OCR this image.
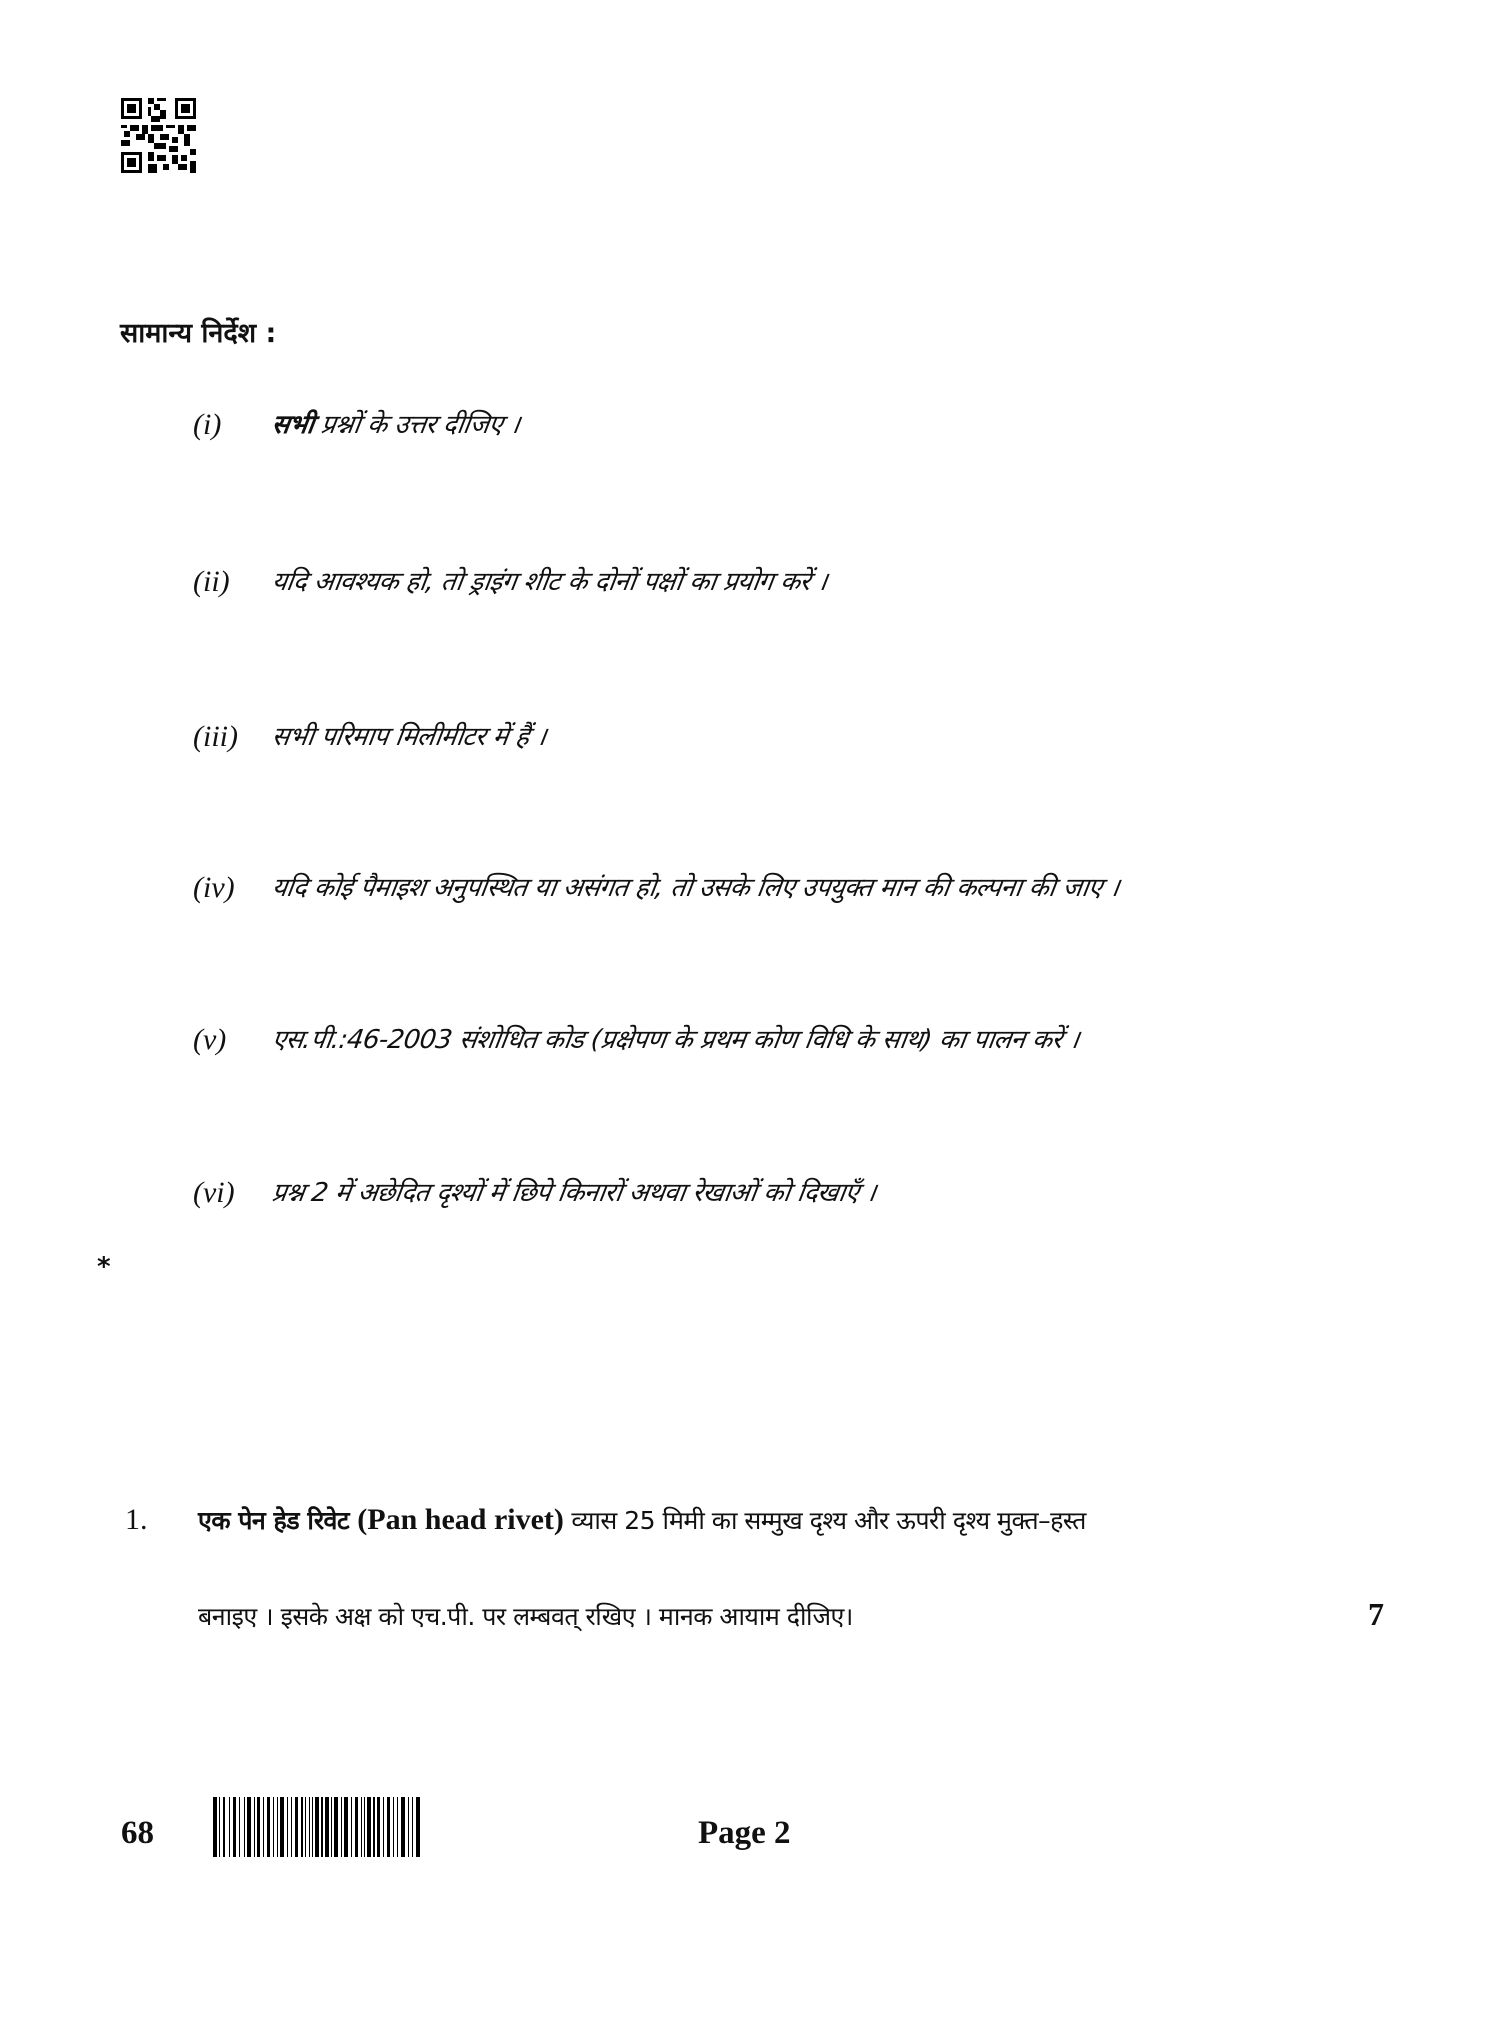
सामान्य निर्देश :
(i) सभी प्रश्नों के उत्तर दीजिए ।
(ii) यदि आवश्यक हो, तो ड्राइंग शीट के दोनों पक्षों का प्रयोग करें ।
(iii) सभी परिमाप मिलीमीटर में हैं ।
(iv) यदि कोई पैमाइश अनुपस्थित या असंगत हो, तो उसके लिए उपयुक्त मान की कल्पना की जाए ।
(v) एस.पी.:46-2003 संशोधित कोड (प्रक्षेपण के प्रथम कोण विधि के साथ) का पालन करें ।
(vi) प्रश्न 2 में अछेदित दृश्यों में छिपे किनारों अथवा रेखाओं को दिखाएँ ।
*
1. एक पेन हेड रिवेट (Pan head rivet) व्यास 25 मिमी का सम्मुख दृश्य और ऊपरी दृश्य मुक्त–हस्त
बनाइए । इसके अक्ष को एच.पी. पर लम्बवत् रखिए । मानक आयाम दीजिए।	7
68	Page 2
